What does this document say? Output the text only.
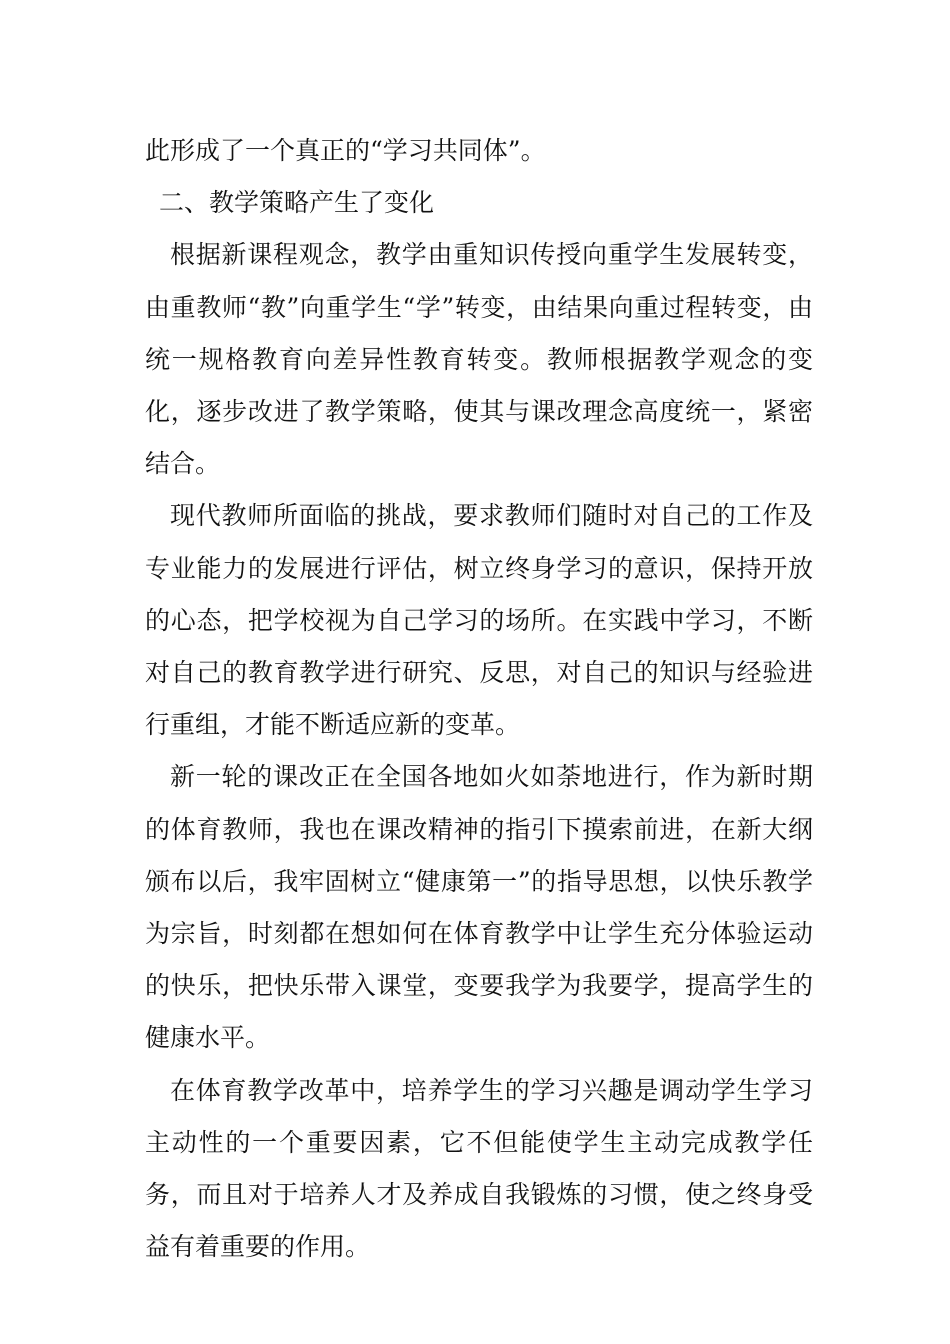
此形成了一个真正的“学习共同体”。

二、教学策略产生了变化

根据新课程观念，教学由重知识传授向重学生发展转变，由重教师“教”向重学生“学”转变，由结果向重过程转变，由统一规格教育向差异性教育转变。教师根据教学观念的变化，逐步改进了教学策略，使其与课改理念高度统一，紧密结合。

现代教师所面临的挑战，要求教师们随时对自己的工作及专业能力的发展进行评估，树立终身学习的意识，保持开放的心态，把学校视为自己学习的场所。在实践中学习，不断对自己的教育教学进行研究、反思，对自己的知识与经验进行重组，才能不断适应新的变革。

新一轮的课改正在全国各地如火如荼地进行，作为新时期的体育教师，我也在课改精神的指引下摸索前进，在新大纲颁布以后，我牢固树立“健康第一”的指导思想，以快乐教学为宗旨，时刻都在想如何在体育教学中让学生充分体验运动的快乐，把快乐带入课堂，变要我学为我要学，提高学生的健康水平。

在体育教学改革中，培养学生的学习兴趣是调动学生学习主动性的一个重要因素，它不但能使学生主动完成教学任务，而且对于培养人才及养成自我锻炼的习惯，使之终身受益有着重要的作用。
